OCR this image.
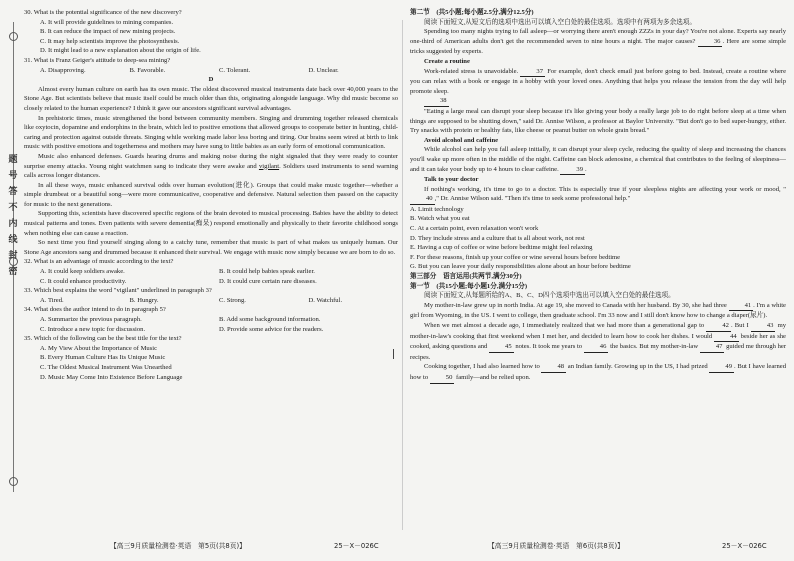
题
号
答
不
内
线
封
密

30. What is the potential significance of the new discovery?

A. It will provide guidelines to mining companies.

B. It can reduce the impact of new mining projects.

C. It may help scientists improve the photosynthesis.

D. It might lead to a new explanation about the origin of life.

31. What is Franz Geiger's attitude to deep-sea mining?

A. Disapproving.	B. Favorable.	C. Tolerant.	D. Unclear.

D

Almost every human culture on earth has its own music. The oldest discovered musical instruments date back over 40,000 years to the Stone Age. But scientists believe that music itself could be much older than this, originating alongside language. Why did music become so closely related to the human experience? I think it gave our ancestors significant survival advantages.

In prehistoric times, music strengthened the bond between community members. Singing and drumming together released chemicals like oxytocin, dopamine and endorphins in the brain, which led to positive emotions that allowed groups to cooperate better in hunting, child-caring and protection against outside threats. Singing while working made labor less boring and tiring. Our brains seem wired at birth to link music with positive emotions and togetherness and mothers may have sung to little babies as an early form of emotional communication.

Music also enhanced defenses. Guards hearing drums and making noise during the night signaled that they were ready to counter surprise enemy attacks. Young night watchmen sang to indicate they were awake and vigilant. Soldiers used instruments to send warning calls across longer distances.

In all these ways, music enhanced survival odds over human evolution(进化). Groups that could make music together—whether a simple drumbeat or a beautiful song—were more communicative, cooperative and defensive. Natural selection then passed on the capacity for music to the next generations.

Supporting this, scientists have discovered specific regions of the brain devoted to musical processing. Babies have the ability to detect musical patterns and tones. Even patients with severe dementia(痴呆) respond emotionally and physically to their favorite childhood songs when nothing else can cause a reaction.

So next time you find yourself singing along to a catchy tune, remember that music is part of what makes us uniquely human. Our Stone Age ancestors sang and drummed because it enhanced their survival. We engage with music now simply because we are born to do so.

32. What is an advantage of music according to the text?

A. It could keep soldiers awake.	B. It could help babies speak earlier.
C. It could enhance productivity.	D. It could cure certain rare diseases.

33. Which best explains the word "vigilant" underlined in paragraph 3?

A. Tired.	B. Hungry.	C. Strong.	D. Watchful.

34. What does the author intend to do in paragraph 5?

A. Summarize the previous paragraph.	B. Add some background information.
C. Introduce a new topic for discussion.	D. Provide some advice for the readers.

35. Which of the following can be the best title for the text?

A. My View About the Importance of Music

B. Every Human Culture Has Its Unique Music

C. The Oldest Musical Instrument Was Unearthed

D. Music May Come Into Existence Before Language

第二节　(共5小题;每小题2.5分,满分12.5分)

阅读下面短文,从短文后的选项中选出可以填入空白处的最佳选项。选项中有两项为多余选项。

Spending too many nights trying to fall asleep—or worrying there aren't enough ZZZs in your day? You're not alone. Experts say nearly one-third of American adults don't get the recommended seven to nine hours a night. The major causes?	36 . Here are some simple tricks suggested by experts.

Create a routine

Work-related stress is unavoidable.	37 For example, don't check email just before going to bed. Instead, create a routine where you can relax with a book or engage in a hobby with your loved ones. Anything that helps you release the tension from the day will help promote sleep.

38

"Eating a large meal can disrupt your sleep because it's like giving your body a really large job to do right before sleep at a time when things are supposed to be shutting down," said Dr. Annise Wilson, a professor at Baylor University. "But don't go to bed super-hungry, either. Try snacks with protein or healthy fats, like cheese or peanut butter on whole grain bread."

Avoid alcohol and caffeine

While alcohol can help you fall asleep initially, it can disrupt your sleep cycle, reducing the quality of sleep and increasing the chances you'll wake up more often in the middle of the night. Caffeine can block adenosine, a chemical that contributes to the feeling of sleepiness—and it can take your body up to 4 hours to clear caffeine.	39 .

Talk to your doctor

If nothing's working, it's time to go to a doctor. This is especially true if your sleepless nights are affecting your work or mood, "40 ," Dr. Annise Wilson said. "Then it's time to seek some professional help."

A. Limit technology

B. Watch what you eat

C. At a certain point, even relaxation won't work

D. They include stress and a culture that is all about work, not rest

E. Having a cup of coffee or wine before bedtime might feel relaxing

F. For these reasons, finish up your coffee or wine several hours before bedtime

G. But you can leave your daily responsibilities alone about an hour before bedtime

第三部分　语言运用(共两节,满分30分)

第一节　(共15小题;每小题1分,满分15分)

阅读下面短文,从每题所给的A、B、C、D四个选项中选出可以填入空白处的最佳选项。

My mother-in-law grew up in north India. At age 19, she moved to Canada with her husband. By 30, she had three	41 . I'm a white girl from Wyoming, in the US. I went to college, then graduate school. I'm 33 now and I still don't know how to change a diaper(尿片).

When we met almost a decade ago, I immediately realized that we had more than a generational gap to	42 . But I	43 my mother-in-law's cooking that first weekend when I met her, and decided to learn how to cook her dishes. I would	44 beside her as she cooked, asking questions and	45 notes. It took me years to	46 the basics. But my mother-in-law	47 guided me through her recipes.

Cooking together, I had also learned how to	48 an Indian family. Growing up in the US, I had prized	49 . But I have learned how to	50 family—and be relied upon.

【高三9月质量检测卷·英语　第5页(共8页)】	25－X－026C	【高三9月质量检测卷·英语　第6页(共8页)】	25－X－026C
